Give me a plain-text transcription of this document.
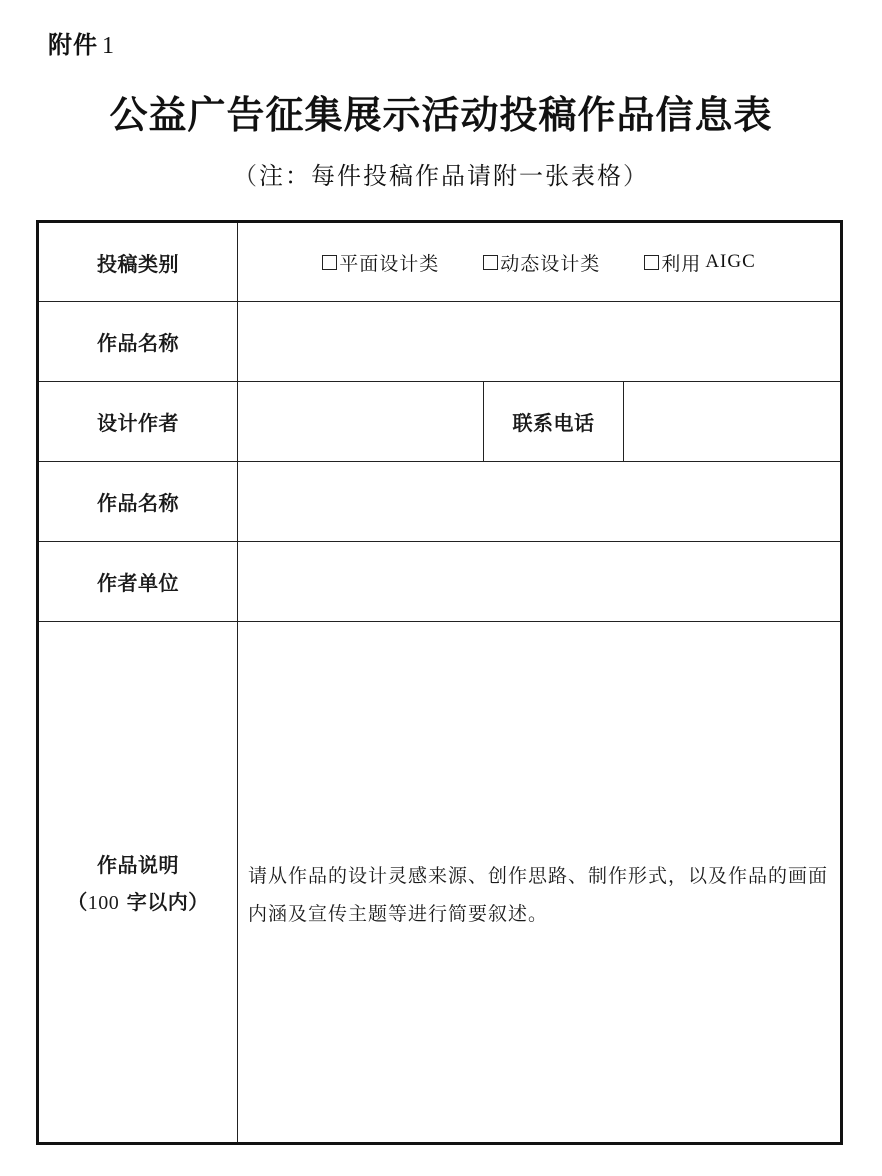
附件 1
公益广告征集展示活动投稿作品信息表
（注：每件投稿作品请附一张表格）
投稿类别	平面设计类 动态设计类 利用 AIGC		

作品名称			
设计作者		联系电话	
作品名称			
作者单位			
作品说明
（100 字以内）	请从作品的设计灵感来源、创作思路、制作形式，以及作品的画面内涵及宣传主题等进行简要叙述。		
